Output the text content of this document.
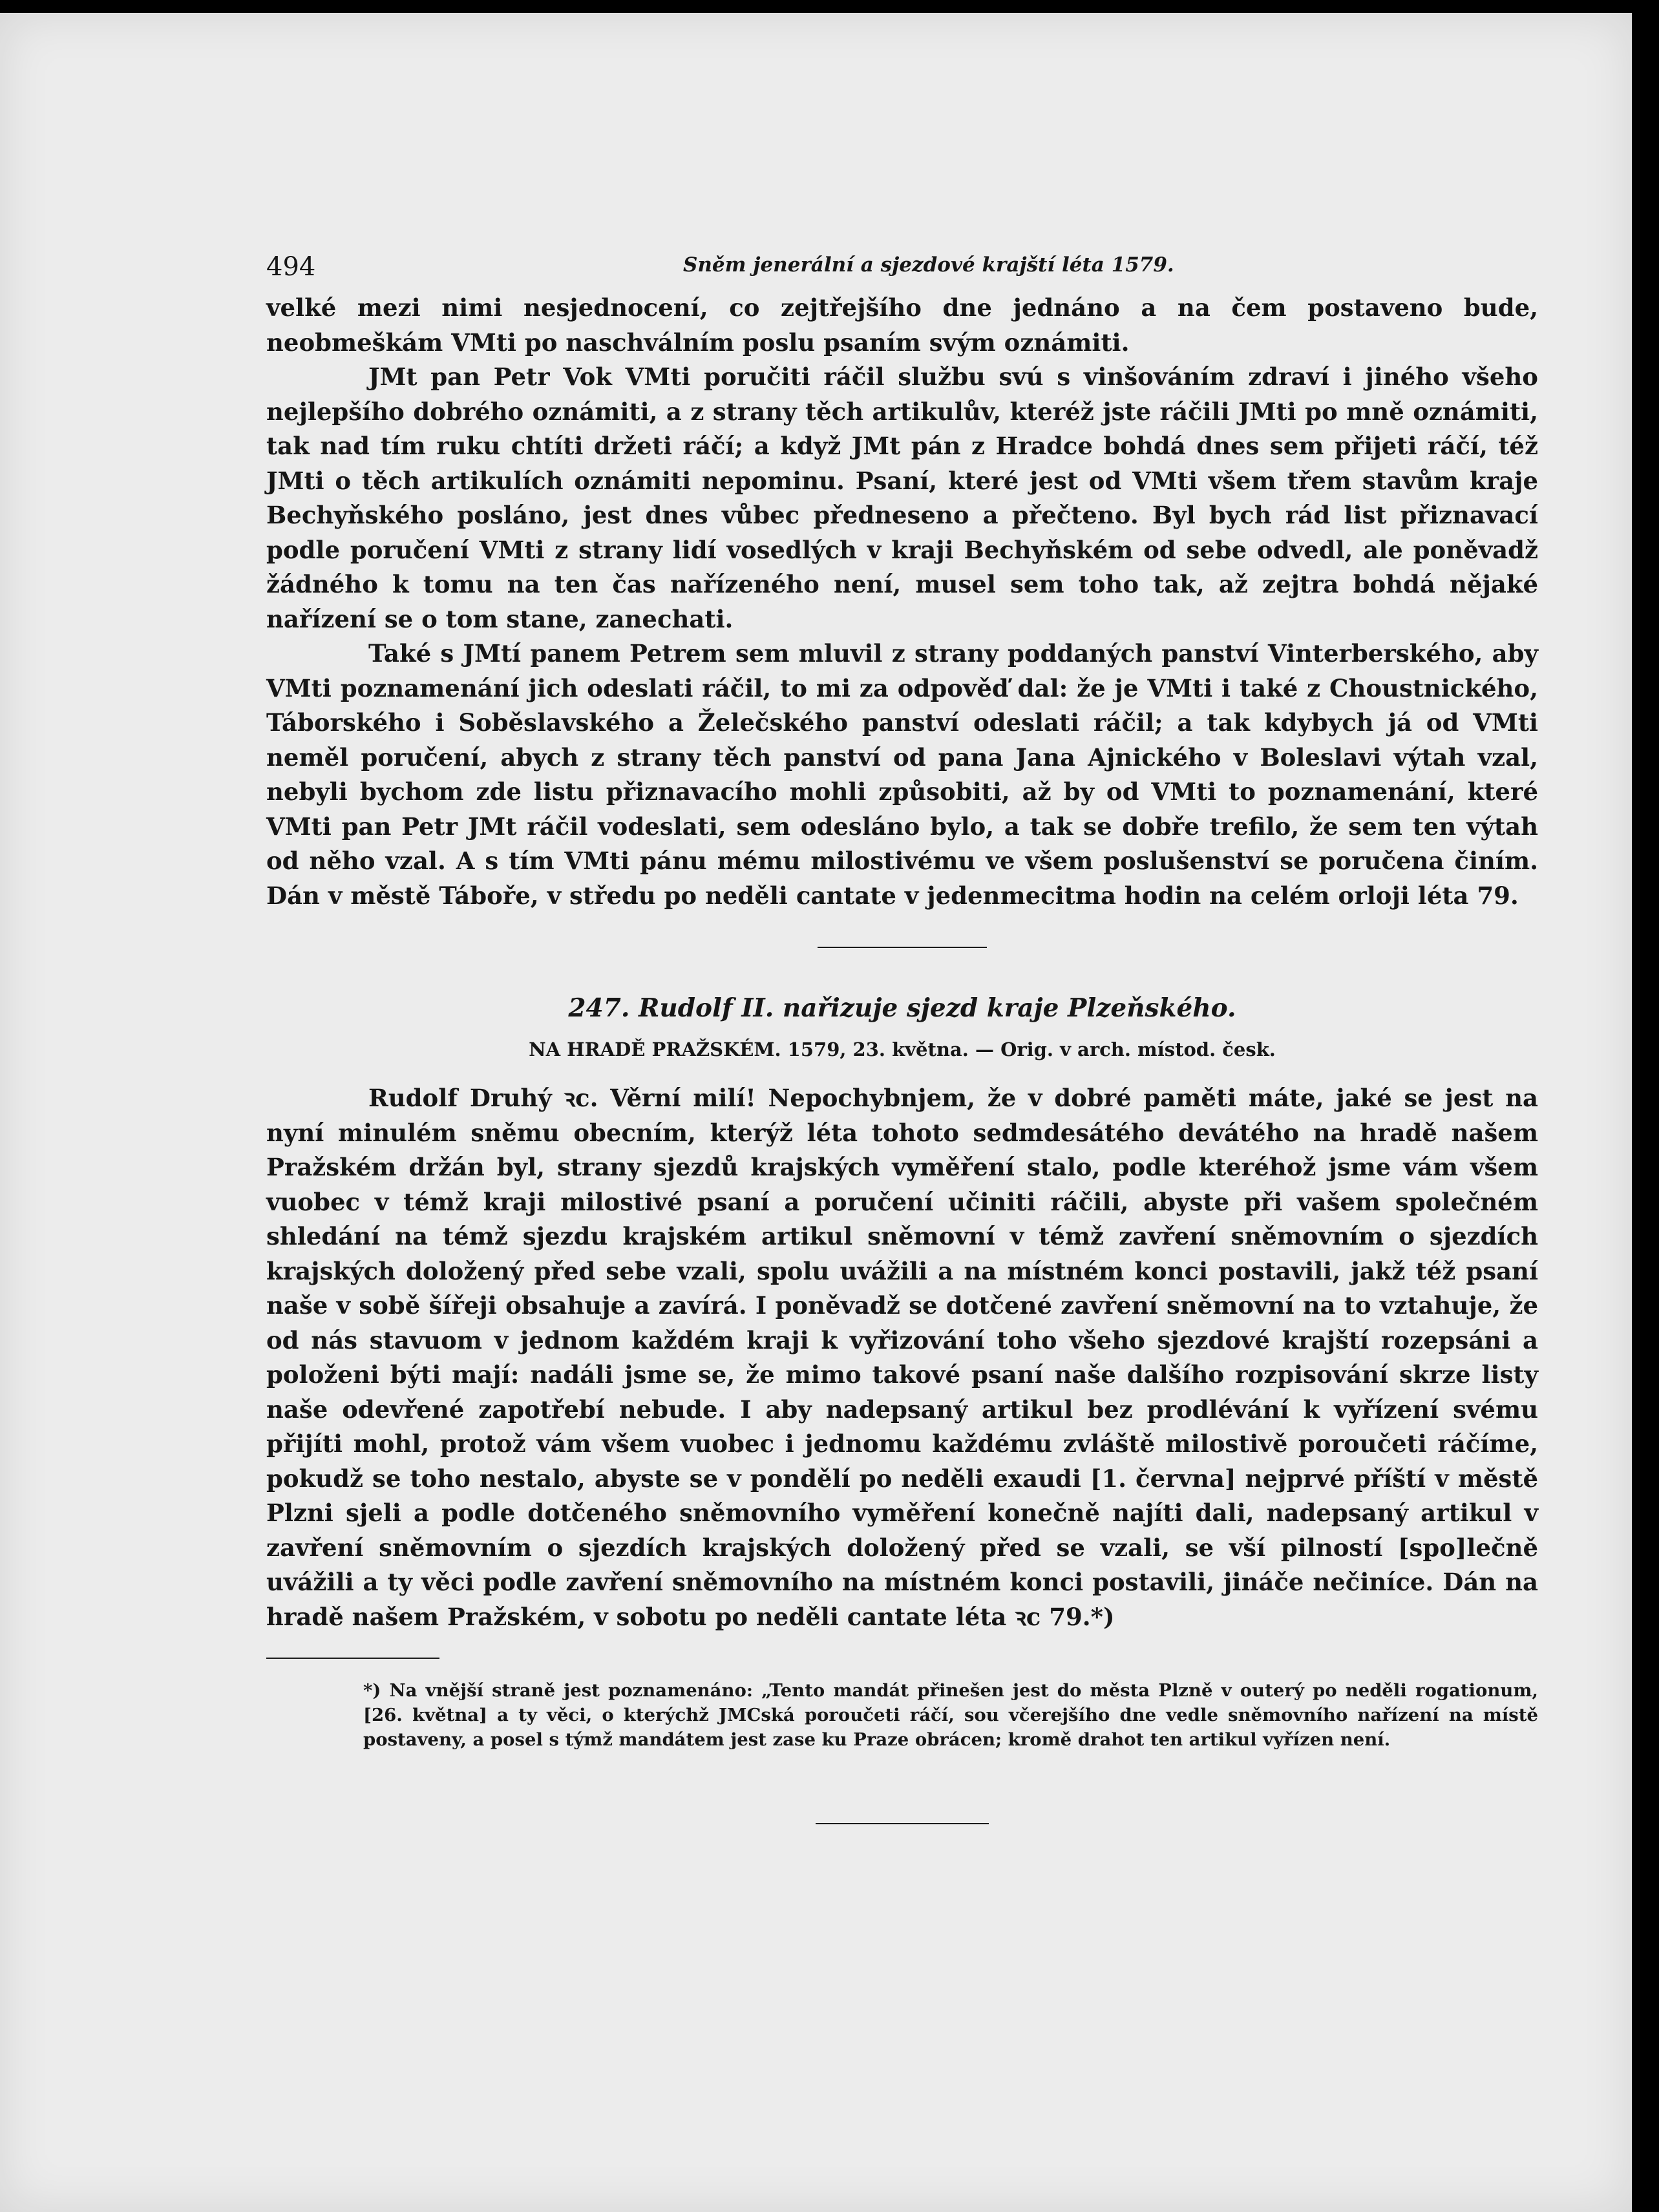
494	Sněm jenerální a sjezdové krajští léta 1579.

velké mezi nimi nesjednocení, co zejtřejšího dne jednáno a na čem postaveno bude, neobmeškám VMti po naschválním poslu psaním svým oznámiti.

JMt pan Petr Vok VMti poručiti ráčil službu svú s vinšováním zdraví i jiného všeho nejlepšího dobrého oznámiti, a z strany těch artikulův, kteréž jste ráčili JMti po mně oznámiti, tak nad tím ruku chtíti držeti ráčí; a když JMt pán z Hradce bohdá dnes sem přijeti ráčí, též JMti o těch artikulích oznámiti nepominu. Psaní, které jest od VMti všem třem stavům kraje Bechyňského posláno, jest dnes vůbec předneseno a přečteno. Byl bych rád list přiznavací podle poručení VMti z strany lidí vosedlých v kraji Bechyňském od sebe odvedl, ale poněvadž žádného k tomu na ten čas nařízeného není, musel sem toho tak, až zejtra bohdá nějaké nařízení se o tom stane, zanechati.

Také s JMtí panem Petrem sem mluvil z strany poddaných panství Vinterberského, aby VMti poznamenání jich odeslati ráčil, to mi za odpověď dal: že je VMti i také z Choustnického, Táborského i Soběslavského a Želečského panství odeslati ráčil; a tak kdybych já od VMti neměl poručení, abych z strany těch panství od pana Jana Ajnického v Boleslavi výtah vzal, nebyli bychom zde listu přiznavacího mohli způsobiti, až by od VMti to poznamenání, které VMti pan Petr JMt ráčil vodeslati, sem odesláno bylo, a tak se dobře trefilo, že sem ten výtah od něho vzal. A s tím VMti pánu mému milostivému ve všem poslušenství se poručena činím. Dán v městě Táboře, v středu po neděli cantate v jedenmecitma hodin na celém orloji léta 79.

247. Rudolf II. nařizuje sjezd kraje Plzeňského.
NA HRADĚ PRAŽSKÉM. 1579, 23. května. — Orig. v arch. místod. česk.

Rudolf Druhý ꝛc. Věrní milí! Nepochybnjem, že v dobré paměti máte, jaké se jest na nyní minulém sněmu obecním, kterýž léta tohoto sedmdesátého devátého na hradě našem Pražském držán byl, strany sjezdů krajských vyměření stalo, podle kteréhož jsme vám všem vuobec v témž kraji milostivé psaní a poručení učiniti ráčili, abyste při vašem společném shledání na témž sjezdu krajském artikul sněmovní v témž zavření sněmovním o sjezdích krajských doložený před sebe vzali, spolu uvážili a na místném konci postavili, jakž též psaní naše v sobě šířeji obsahuje a zavírá. I poněvadž se dotčené zavření sněmovní na to vztahuje, že od nás stavuom v jednom každém kraji k vyřizování toho všeho sjezdové krajští rozepsáni a položeni býti mají: nadáli jsme se, že mimo takové psaní naše dalšího rozpisování skrze listy naše odevřené zapotřebí nebude. I aby nadepsaný artikul bez prodlévání k vyřízení svému přijíti mohl, protož vám všem vuobec i jednomu každému zvláště milostivě poroučeti ráčíme, pokudž se toho nestalo, abyste se v pondělí po neděli exaudi [1. června] nejprvé příští v městě Plzni sjeli a podle dotčeného sněmovního vyměření konečně najíti dali, nadepsaný artikul v zavření sněmovním o sjezdích krajských doložený před se vzali, se vší pilností [spo]lečně uvážili a ty věci podle zavření sněmovního na místném konci postavili, jináče nečiníce. Dán na hradě našem Pražském, v sobotu po neděli cantate léta ꝛc 79.*)

*) Na vnější straně jest poznamenáno: „Tento mandát přinešen jest do města Plzně v outerý po neděli rogationum, [26. května] a ty věci, o kterýchž JMCská poroučeti ráčí, sou včerejšího dne vedle sněmovního nařízení na místě postaveny, a posel s týmž mandátem jest zase ku Praze obrácen; kromě drahot ten artikul vyřízen není.
